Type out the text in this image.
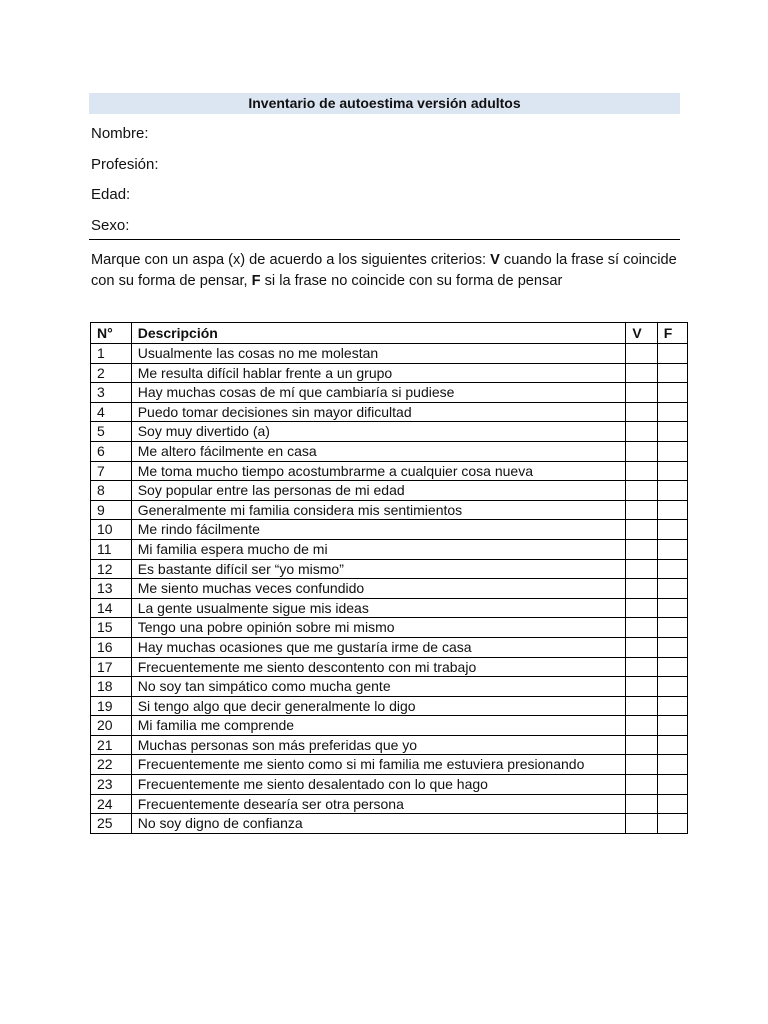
Inventario de autoestima versión adultos
Nombre:
Profesión:
Edad:
Sexo:
Marque con un aspa (x) de acuerdo a los siguientes criterios: V cuando la frase sí coincide con su forma de pensar, F si la frase no coincide con su forma de pensar
N°	Descripción	V	F
1	Usualmente las cosas no me molestan		
2	Me resulta difícil hablar frente a un grupo		
3	Hay muchas cosas de mí que cambiaría si pudiese		
4	Puedo tomar decisiones sin mayor dificultad		
5	Soy muy divertido (a)		
6	Me altero fácilmente en casa		
7	Me toma mucho tiempo acostumbrarme a cualquier cosa nueva		
8	Soy popular entre las personas de mi edad		
9	Generalmente mi familia considera mis sentimientos		
10	Me rindo fácilmente		
11	Mi familia espera mucho de mi		
12	Es bastante difícil ser “yo mismo”		
13	Me siento muchas veces confundido		
14	La gente usualmente sigue mis ideas		
15	Tengo una pobre opinión sobre mi mismo		
16	Hay muchas ocasiones que me gustaría irme de casa		
17	Frecuentemente me siento descontento con mi trabajo		
18	No soy tan simpático como mucha gente		
19	Si tengo algo que decir generalmente lo digo		
20	Mi familia me comprende		
21	Muchas personas son más preferidas que yo		
22	Frecuentemente me siento como si mi familia me estuviera presionando		
23	Frecuentemente me siento desalentado con lo que hago		
24	Frecuentemente desearía ser otra persona		
25	No soy digno de confianza		
